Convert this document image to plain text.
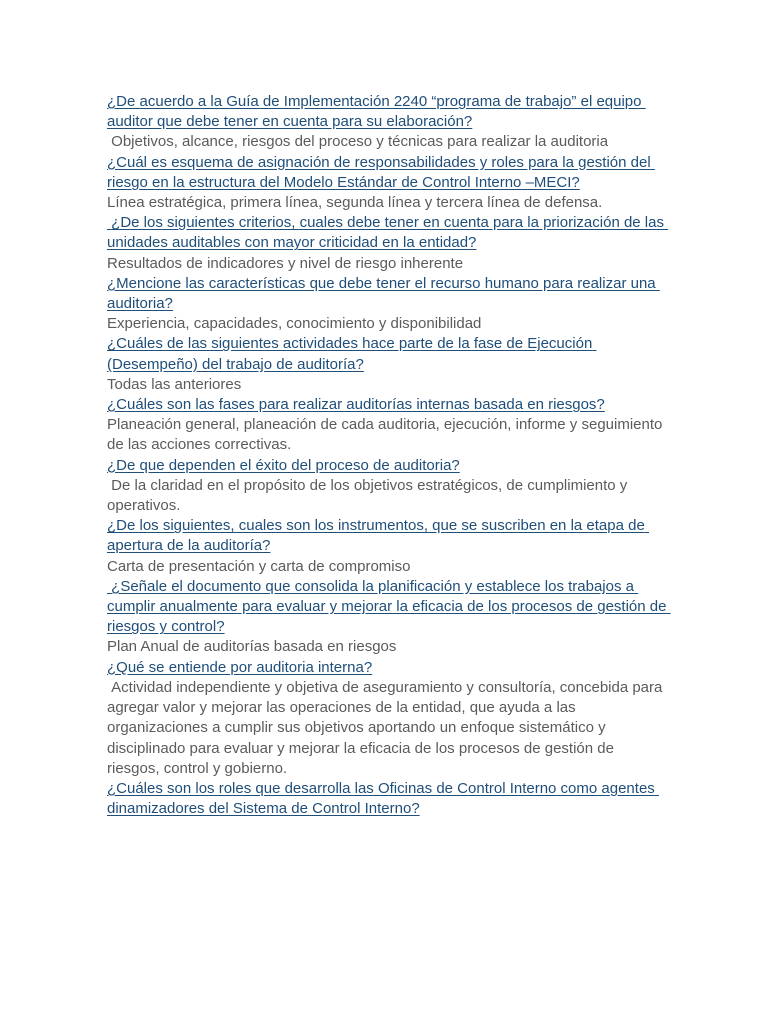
¿De acuerdo a la Guía de Implementación 2240 “programa de trabajo” el equipo auditor que debe tener en cuenta para su elaboración?
Objetivos, alcance, riesgos del proceso y técnicas para realizar la auditoria
¿Cuál es esquema de asignación de responsabilidades y roles para la gestión del riesgo en la estructura del Modelo Estándar de Control Interno –MECI?
Línea estratégica, primera línea, segunda línea y tercera línea de defensa.
¿De los siguientes criterios, cuales debe tener en cuenta para la priorización de las unidades auditables con mayor criticidad en la entidad?
Resultados de indicadores y nivel de riesgo inherente
¿Mencione las características que debe tener el recurso humano para realizar una auditoria?
Experiencia, capacidades, conocimiento y disponibilidad
¿Cuáles de las siguientes actividades hace parte de la fase de Ejecución (Desempeño) del trabajo de auditoría?
Todas las anteriores
¿Cuáles son las fases para realizar auditorías internas basada en riesgos?
Planeación general, planeación de cada auditoria, ejecución, informe y seguimiento de las acciones correctivas.
¿De que dependen el éxito del proceso de auditoria?
De la claridad en el propósito de los objetivos estratégicos, de cumplimiento y operativos.
¿De los siguientes, cuales son los instrumentos, que se suscriben en la etapa de apertura de la auditoría?
Carta de presentación y carta de compromiso
¿Señale el documento que consolida la planificación y establece los trabajos a cumplir anualmente para evaluar y mejorar la eficacia de los procesos de gestión de riesgos y control?
Plan Anual de auditorías basada en riesgos
¿Qué se entiende por auditoria interna?
Actividad independiente y objetiva de aseguramiento y consultoría, concebida para agregar valor y mejorar las operaciones de la entidad, que ayuda a las organizaciones a cumplir sus objetivos aportando un enfoque sistemático y disciplinado para evaluar y mejorar la eficacia de los procesos de gestión de riesgos, control y gobierno.
¿Cuáles son los roles que desarrolla las Oficinas de Control Interno como agentes dinamizadores del Sistema de Control Interno?
